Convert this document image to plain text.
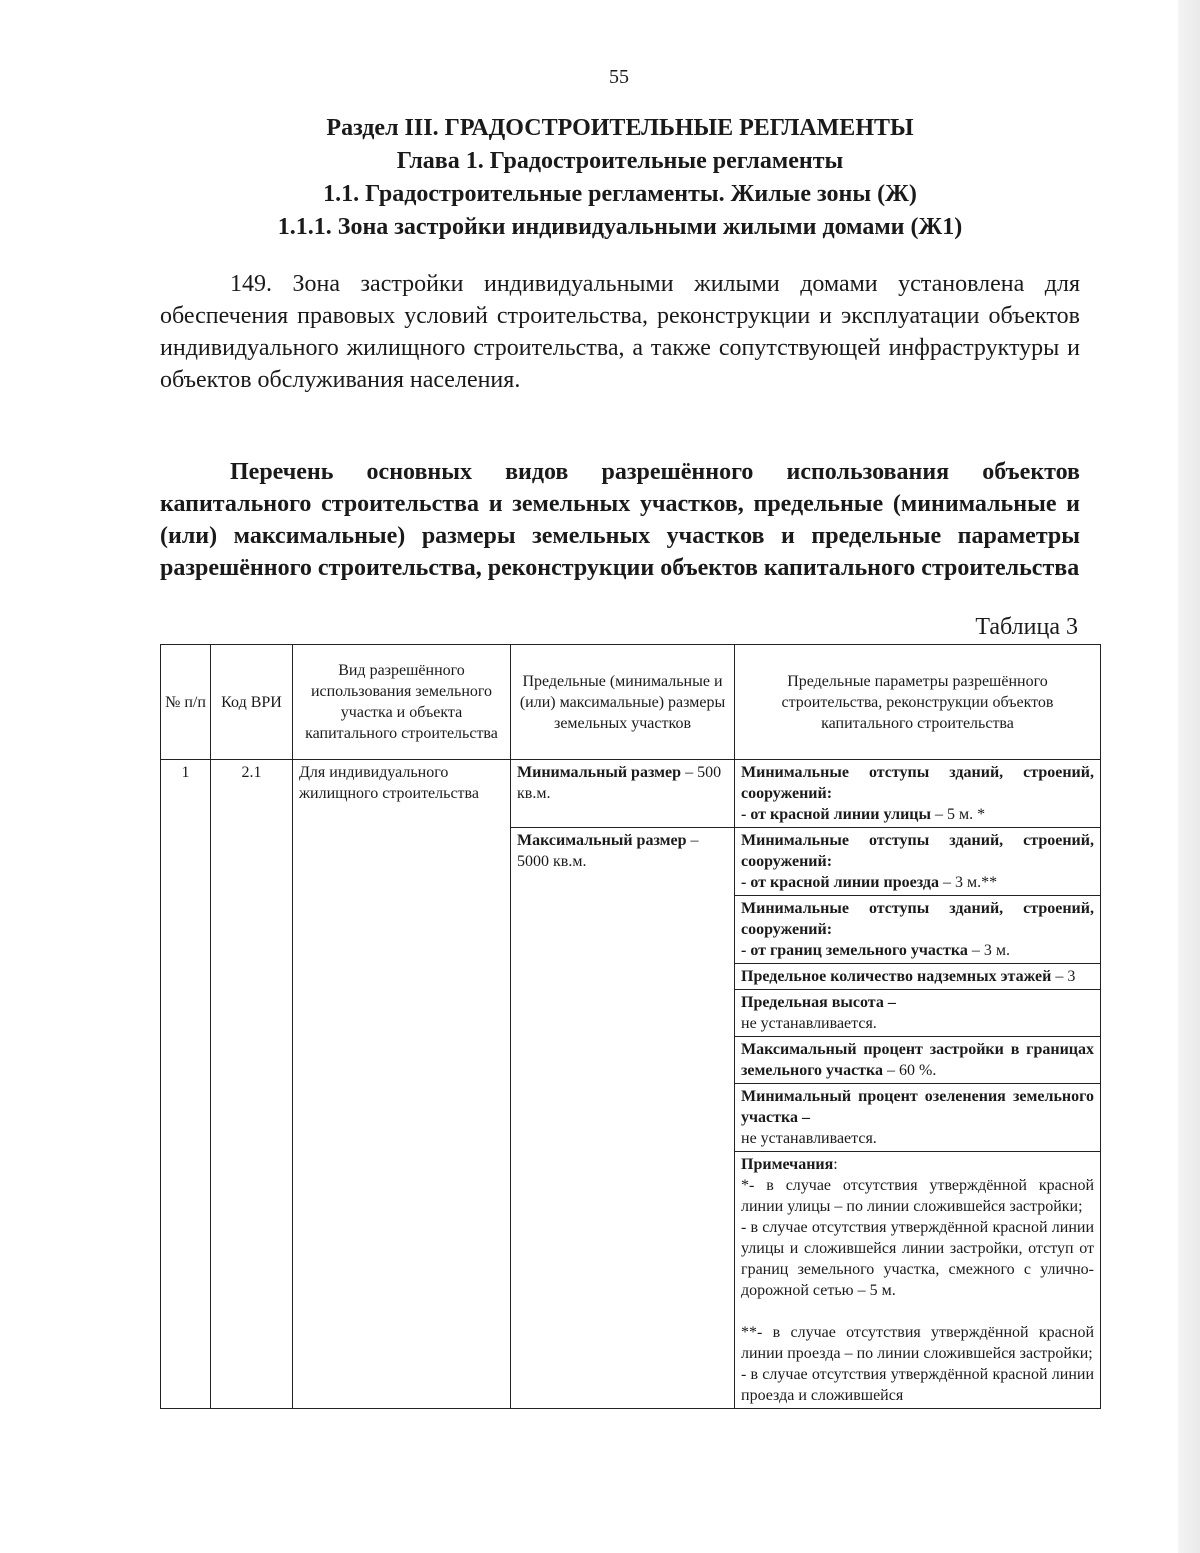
55
Раздел III. ГРАДОСТРОИТЕЛЬНЫЕ РЕГЛАМЕНТЫ
Глава 1. Градостроительные регламенты
1.1. Градостроительные регламенты. Жилые зоны (Ж)
1.1.1. Зона застройки индивидуальными жилыми домами (Ж1)

149. Зона застройки индивидуальными жилыми домами установлена для обеспечения правовых условий строительства, реконструкции и эксплуатации объектов индивидуального жилищного строительства, а также сопутствующей инфраструктуры и объектов обслуживания населения.

Перечень основных видов разрешённого использования объектов капитального строительства и земельных участков, предельные (минимальные и (или) максимальные) размеры земельных участков и предельные параметры разрешённого строительства, реконструкции объектов капитального строительства

Таблица 3
№ п/п	Код ВРИ	Вид разрешённого использования земельного участка и объекта капитального строительства	Предельные (минимальные и (или) максимальные) размеры земельных участков	Предельные параметры разрешённого строительства, реконструкции объектов капитального строительства
1	2.1	Для индивидуального жилищного строительства	Минимальный размер – 500 кв.м.	Минимальные отступы зданий, строений, сооружений:
- от красной линии улицы – 5 м. *

			Максимальный размер – 5000 кв.м.	Минимальные отступы зданий, строений, сооружений:
- от красной линии проезда – 3 м.**

				Минимальные отступы зданий, строений, сооружений:
- от границ земельного участка – 3 м.

				Предельное количество надземных этажей – 3

				Предельная высота –
не устанавливается.

				Максимальный процент застройки в границах земельного участка – 60 %.

				Минимальный процент озеленения земельного участка –
не устанавливается.

				Примечания:
*- в случае отсутствия утверждённой красной линии улицы – по линии сложившейся застройки;
- в случае отсутствия утверждённой красной линии улицы и сложившейся линии застройки, отступ от границ земельного участка, смежного с улично-дорожной сетью – 5 м.
**- в случае отсутствия утверждённой красной линии проезда – по линии сложившейся застройки;
- в случае отсутствия утверждённой красной линии проезда и сложившейся
